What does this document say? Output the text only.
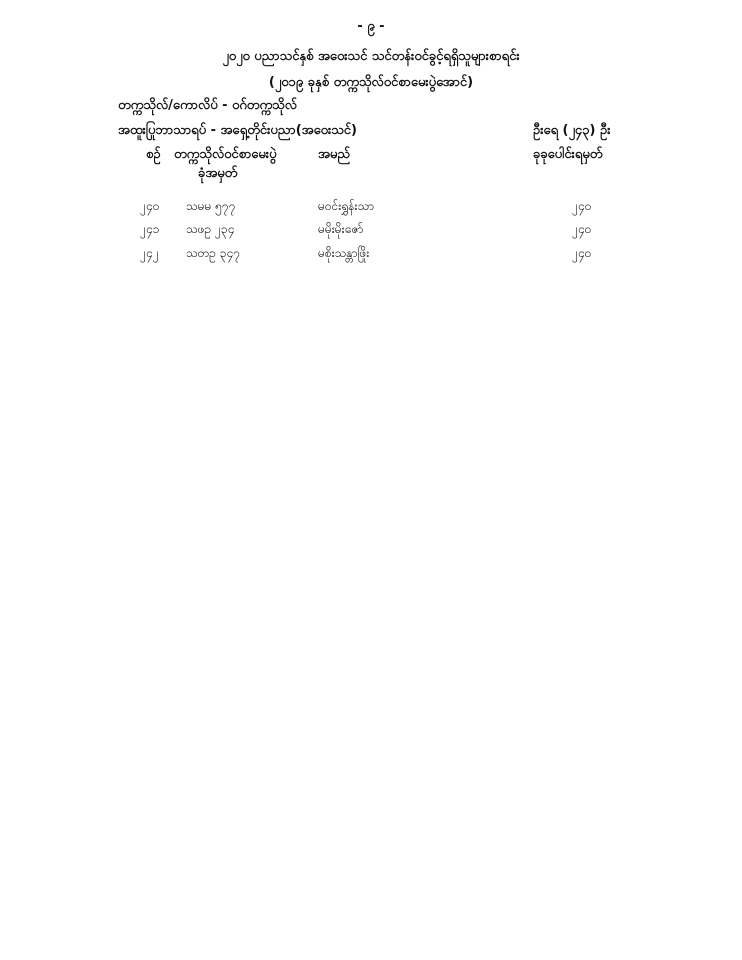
- ၉ -
၂၀၂၀ ပညာသင်နှစ် အဝေးသင် သင်တန်းဝင်ခွင့်ရရှိသူများစာရင်း
(၂၀၁၉ ခုနှစ် တက္ကသိုလ်ဝင်စာမေးပွဲအောင်)
တက္ကသိုလ်/ကောလိပ် - ဝဂ်တက္ကသိုလ်
အထူးပြုဘာသာရပ် - အရှေ့တိုင်းပညာ(အဝေးသင်)	ဦးရေ (၂၄၃) ဦး
စဉ် တက္ကသိုလ်ဝင်စာမေးပွဲ	အမည်	ခုခုပေါင်းရမှတ်
ခုံအမှတ်
၂၄၀ သမမ ၅၇၇	မဝင်းရွှန်းသာ	၂၄၀
၂၄၁ သဖဥ ၂၃၄	မမိုးမိုးဇော်	၂၄၀
၂၄၂ သတဥ ၃၄၇	မစိုးသန္တာဖြိုး	၂၄၀
